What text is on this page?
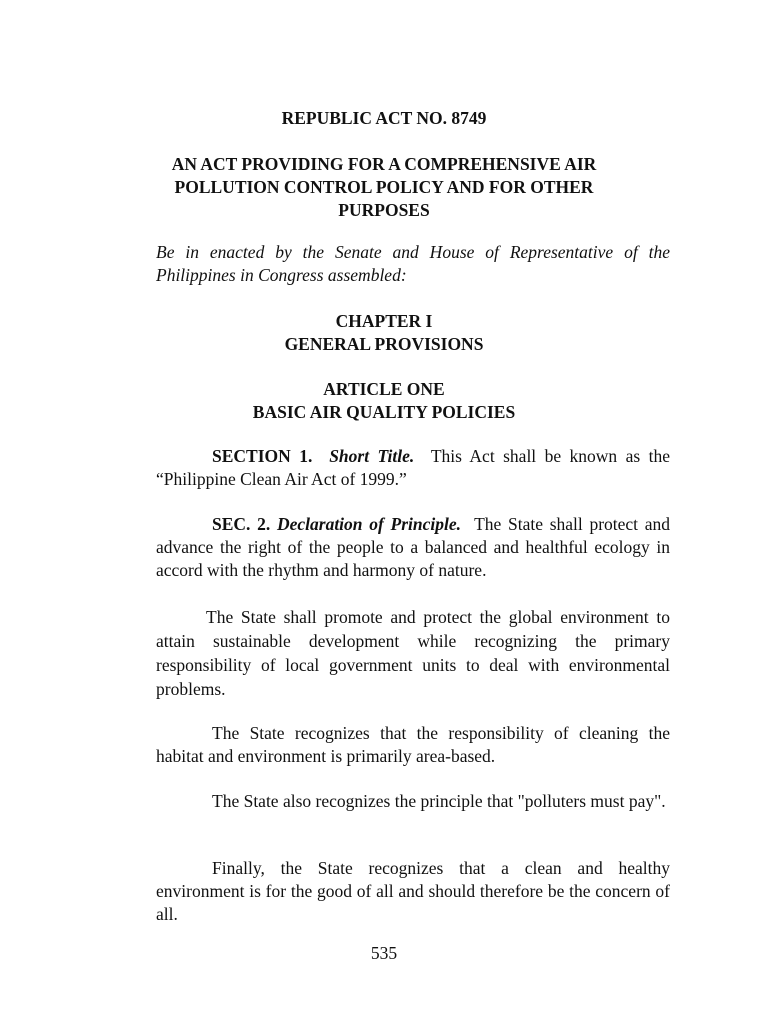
REPUBLIC ACT NO. 8749
AN ACT PROVIDING FOR A COMPREHENSIVE AIR POLLUTION CONTROL POLICY AND FOR OTHER PURPOSES
Be in enacted by the Senate and House of Representative of the Philippines in Congress assembled:
CHAPTER I
GENERAL PROVISIONS
ARTICLE ONE
BASIC AIR QUALITY POLICIES
SECTION 1. Short Title. This Act shall be known as the “Philippine Clean Air Act of 1999.”
SEC. 2. Declaration of Principle. The State shall protect and advance the right of the people to a balanced and healthful ecology in accord with the rhythm and harmony of nature.
The State shall promote and protect the global environment to attain sustainable development while recognizing the primary responsibility of local government units to deal with environmental problems.
The State recognizes that the responsibility of cleaning the habitat and environment is primarily area-based.
The State also recognizes the principle that "polluters must pay".
Finally, the State recognizes that a clean and healthy environment is for the good of all and should therefore be the concern of all.
535
